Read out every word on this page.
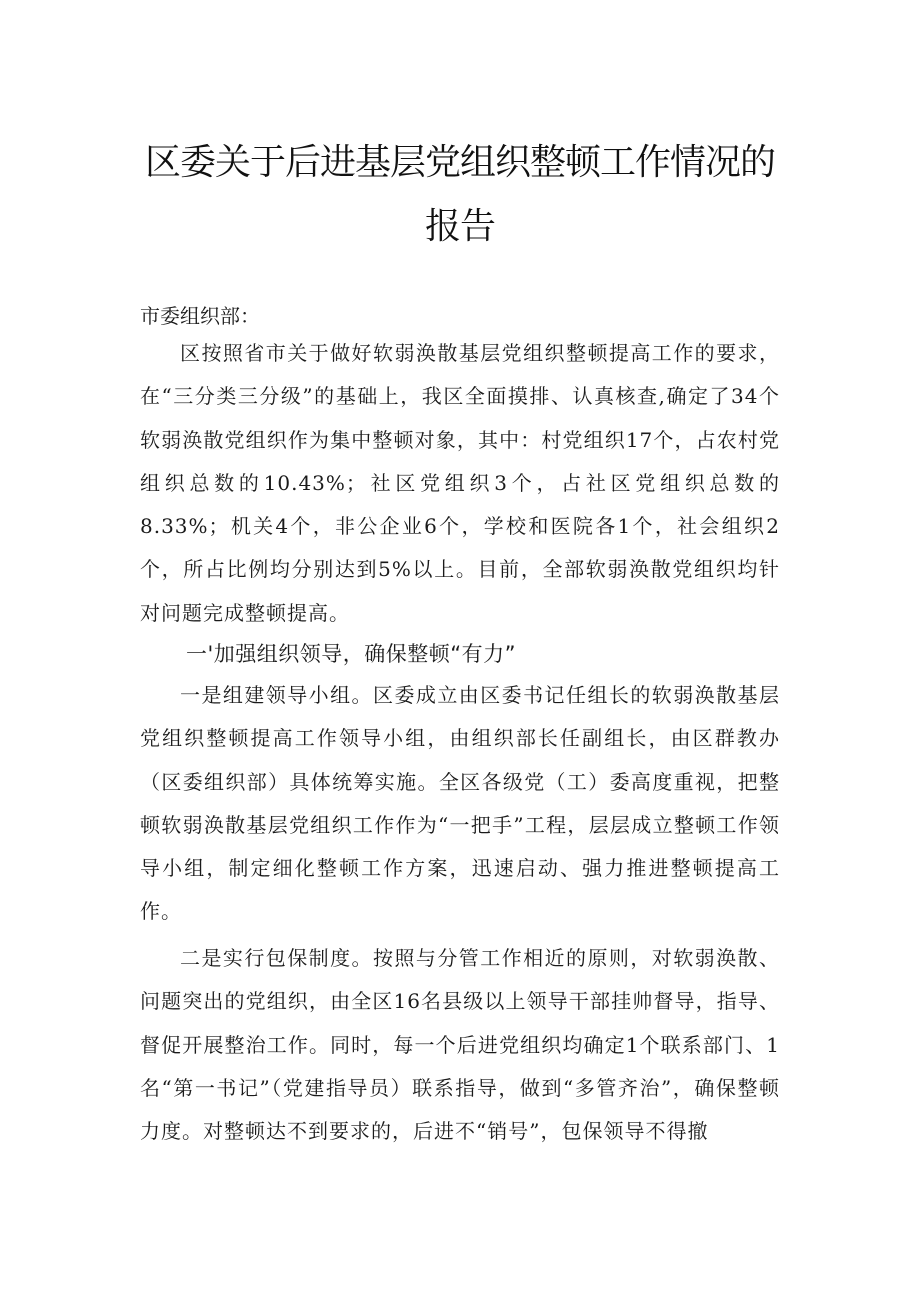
区委关于后进基层党组织整顿工作情况的
报告

市委组织部：

区按照省市关于做好软弱涣散基层党组织整顿提高工作的要求，在“三分类三分级”的基础上，我区全面摸排、认真核查,确定了34个软弱涣散党组织作为集中整顿对象，其中：村党组织17个，占农村党组织总数的10.43%；社区党组织3个，占社区党组织总数的8.33%；机关4个，非公企业6个，学校和医院各1个，社会组织2个，所占比例均分别达到5%以上。目前，全部软弱涣散党组织均针对问题完成整顿提高。

一'加强组织领导，确保整顿“有力”

一是组建领导小组。区委成立由区委书记任组长的软弱涣散基层党组织整顿提高工作领导小组，由组织部长任副组长，由区群教办（区委组织部）具体统筹实施。全区各级党（工）委高度重视，把整顿软弱涣散基层党组织工作作为“一把手”工程，层层成立整顿工作领导小组，制定细化整顿工作方案，迅速启动、强力推进整顿提高工作。

二是实行包保制度。按照与分管工作相近的原则，对软弱涣散、问题突出的党组织，由全区16名县级以上领导干部挂帅督导，指导、督促开展整治工作。同时，每一个后进党组织均确定1个联系部门、1名“第一书记”（党建指导员）联系指导，做到“多管齐治”，确保整顿力度。对整顿达不到要求的，后进不“销号”，包保领导不得撤
